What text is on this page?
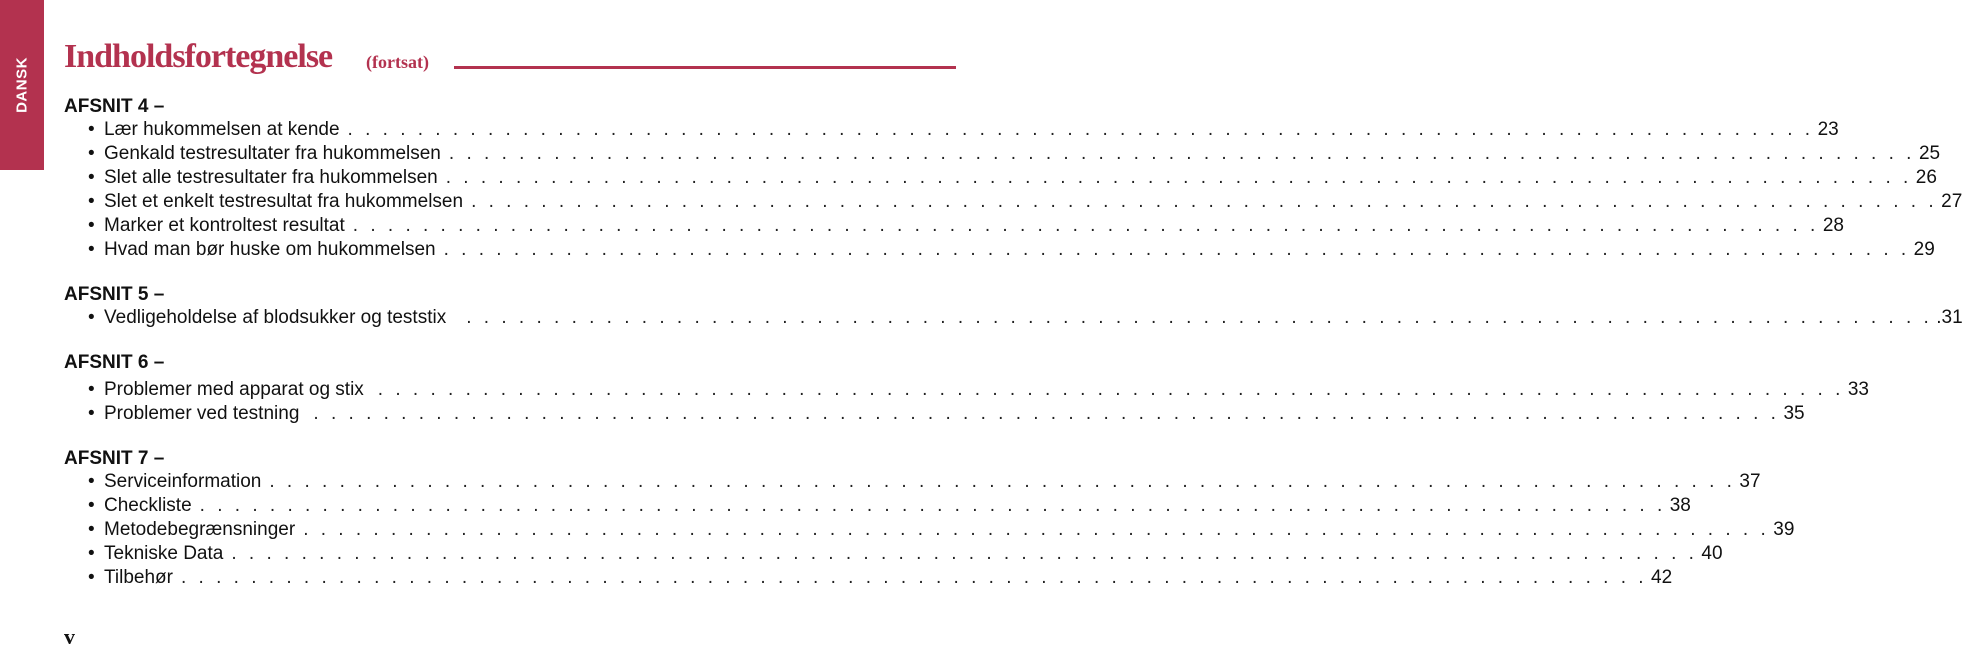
DANSK
Indholdsfortegnelse (fortsat)
AFSNIT 4 –
• Lær hukommelsen at kende . . . . . . . . . . . . . . . . . . . . . . . . . . . . . . . . . . . . . . . . . . . . . . . . . . . . . . . . . . . . . . . . . . . . . . . . . . . . . . . . . . . . 23
• Genkald testresultater fra hukommelsen . . . . . . . . . . . . . . . . . . . . . . . . . . . . . . . . . . . . . . . . . . . . . . . . . . . . . . . . . . . . . . . . . . . . . . . . . . . . . . . . . . . . 25
• Slet alle testresultater fra hukommelsen . . . . . . . . . . . . . . . . . . . . . . . . . . . . . . . . . . . . . . . . . . . . . . . . . . . . . . . . . . . . . . . . . . . . . . . . . . . . . . . . . . . . 26
• Slet et enkelt testresultat fra hukommelsen . . . . . . . . . . . . . . . . . . . . . . . . . . . . . . . . . . . . . . . . . . . . . . . . . . . . . . . . . . . . . . . . . . . . . . . . . . . . . . . . . . . . 27
• Marker et kontroltest resultat . . . . . . . . . . . . . . . . . . . . . . . . . . . . . . . . . . . . . . . . . . . . . . . . . . . . . . . . . . . . . . . . . . . . . . . . . . . . . . . . . . . . 28
• Hvad man bør huske om hukommelsen . . . . . . . . . . . . . . . . . . . . . . . . . . . . . . . . . . . . . . . . . . . . . . . . . . . . . . . . . . . . . . . . . . . . . . . . . . . . . . . . . . . . 29
AFSNIT 5 –
• Vedligeholdelse af blodsukker og teststix . . . . . . . . . . . . . . . . . . . . . . . . . . . . . . . . . . . . . . . . . . . . . . . . . . . . . . . . . . . . . . . . . . . . . . . . . . . . . . . . . . . . .31
AFSNIT 6 –
• Problemer med apparat og stix . . . . . . . . . . . . . . . . . . . . . . . . . . . . . . . . . . . . . . . . . . . . . . . . . . . . . . . . . . . . . . . . . . . . . . . . . . . . . . . . . . . . 33
• Problemer ved testning . . . . . . . . . . . . . . . . . . . . . . . . . . . . . . . . . . . . . . . . . . . . . . . . . . . . . . . . . . . . . . . . . . . . . . . . . . . . . . . . . . . . 35
AFSNIT 7 –
• Serviceinformation . . . . . . . . . . . . . . . . . . . . . . . . . . . . . . . . . . . . . . . . . . . . . . . . . . . . . . . . . . . . . . . . . . . . . . . . . . . . . . . . . . . . 37
• Checkliste . . . . . . . . . . . . . . . . . . . . . . . . . . . . . . . . . . . . . . . . . . . . . . . . . . . . . . . . . . . . . . . . . . . . . . . . . . . . . . . . . . . . 38
• Metodebegrænsninger . . . . . . . . . . . . . . . . . . . . . . . . . . . . . . . . . . . . . . . . . . . . . . . . . . . . . . . . . . . . . . . . . . . . . . . . . . . . . . . . . . . . 39
• Tekniske Data . . . . . . . . . . . . . . . . . . . . . . . . . . . . . . . . . . . . . . . . . . . . . . . . . . . . . . . . . . . . . . . . . . . . . . . . . . . . . . . . . . . . 40
• Tilbehør . . . . . . . . . . . . . . . . . . . . . . . . . . . . . . . . . . . . . . . . . . . . . . . . . . . . . . . . . . . . . . . . . . . . . . . . . . . . . . . . . . . . 42
v
